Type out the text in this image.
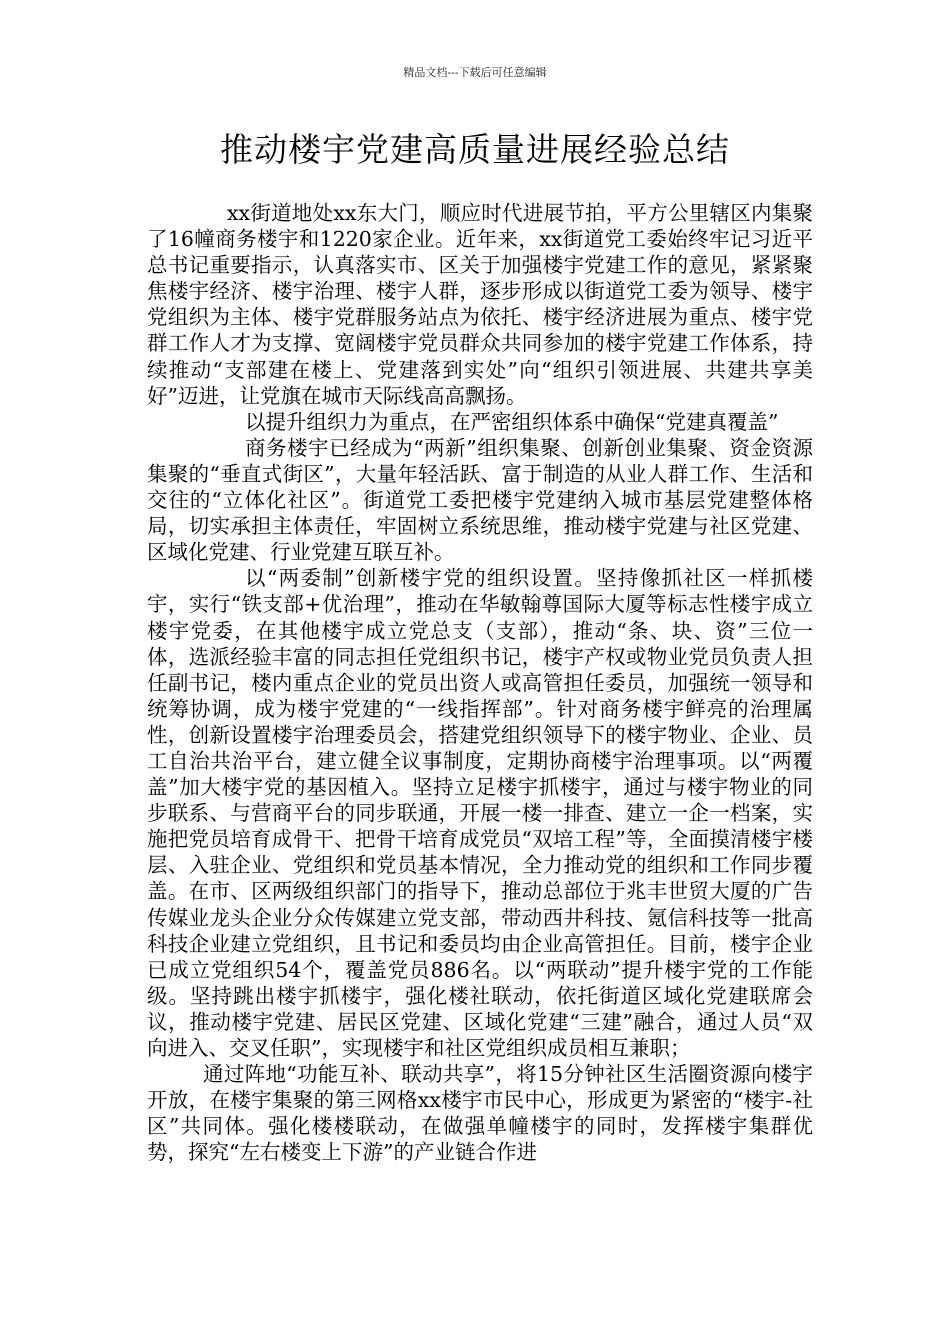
精品文档---下载后可任意编辑
推动楼宇党建高质量进展经验总结

xx街道地处xx东大门，顺应时代进展节拍，平方公里辖区内集聚了16幢商务楼宇和1220家企业。近年来，xx街道党工委始终牢记习近平总书记重要指示，认真落实市、区关于加强楼宇党建工作的意见，紧紧聚焦楼宇经济、楼宇治理、楼宇人群，逐步形成以街道党工委为领导、楼宇党组织为主体、楼宇党群服务站点为依托、楼宇经济进展为重点、楼宇党群工作人才为支撑、宽阔楼宇党员群众共同参加的楼宇党建工作体系，持续推动“支部建在楼上、党建落到实处”向“组织引领进展、共建共享美好”迈进，让党旗在城市天际线高高飘扬。

以提升组织力为重点，在严密组织体系中确保“党建真覆盖”

商务楼宇已经成为“两新”组织集聚、创新创业集聚、资金资源集聚的“垂直式街区”，大量年轻活跃、富于制造的从业人群工作、生活和交往的“立体化社区”。街道党工委把楼宇党建纳入城市基层党建整体格局，切实承担主体责任，牢固树立系统思维，推动楼宇党建与社区党建、区域化党建、行业党建互联互补。

以“两委制”创新楼宇党的组织设置。坚持像抓社区一样抓楼宇，实行“铁支部+优治理”，推动在华敏翰尊国际大厦等标志性楼宇成立楼宇党委，在其他楼宇成立党总支（支部），推动“条、块、资”三位一体，选派经验丰富的同志担任党组织书记，楼宇产权或物业党员负责人担任副书记，楼内重点企业的党员出资人或高管担任委员，加强统一领导和统筹协调，成为楼宇党建的“一线指挥部”。针对商务楼宇鲜亮的治理属性，创新设置楼宇治理委员会，搭建党组织领导下的楼宇物业、企业、员工自治共治平台，建立健全议事制度，定期协商楼宇治理事项。以“两覆盖”加大楼宇党的基因植入。坚持立足楼宇抓楼宇，通过与楼宇物业的同步联系、与营商平台的同步联通，开展一楼一排查、建立一企一档案，实施把党员培育成骨干、把骨干培育成党员“双培工程”等，全面摸清楼宇楼层、入驻企业、党组织和党员基本情况，全力推动党的组织和工作同步覆盖。在市、区两级组织部门的指导下，推动总部位于兆丰世贸大厦的广告传媒业龙头企业分众传媒建立党支部，带动西井科技、氪信科技等一批高科技企业建立党组织，且书记和委员均由企业高管担任。目前，楼宇企业已成立党组织54个，覆盖党员886名。以“两联动”提升楼宇党的工作能级。坚持跳出楼宇抓楼宇，强化楼社联动，依托街道区域化党建联席会议，推动楼宇党建、居民区党建、区域化党建“三建”融合，通过人员“双向进入、交叉任职”，实现楼宇和社区党组织成员相互兼职；

通过阵地“功能互补、联动共享”，将15分钟社区生活圈资源向楼宇开放，在楼宇集聚的第三网格xx楼宇市民中心，形成更为紧密的“楼宇-社区”共同体。强化楼楼联动，在做强单幢楼宇的同时，发挥楼宇集群优势，探究“左右楼变上下游”的产业链合作进
